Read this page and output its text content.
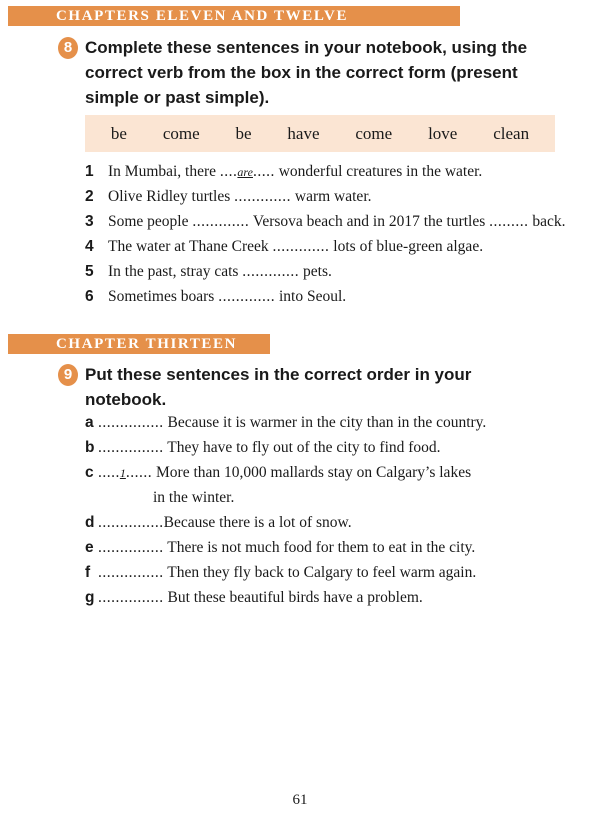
CHAPTERS ELEVEN AND TWELVE
8 Complete these sentences in your notebook, using the correct verb from the box in the correct form (present simple or past simple).
be come be have come love clean
1 In Mumbai, there ....are..... wonderful creatures in the water.
2 Olive Ridley turtles ............. warm water.
3 Some people ............. Versova beach and in 2017 the turtles ......... back.
4 The water at Thane Creek ............. lots of blue-green algae.
5 In the past, stray cats ............. pets.
6 Sometimes boars ............. into Seoul.
CHAPTER THIRTEEN
9 Put these sentences in the correct order in your notebook.
a ............... Because it is warmer in the city than in the country.
b ............... They have to fly out of the city to find food.
c .....1...... More than 10,000 mallards stay on Calgary’s lakes
in the winter.
d ...............Because there is a lot of snow.
e ............... There is not much food for them to eat in the city.
f ............... Then they fly back to Calgary to feel warm again.
g ............... But these beautiful birds have a problem.
61
